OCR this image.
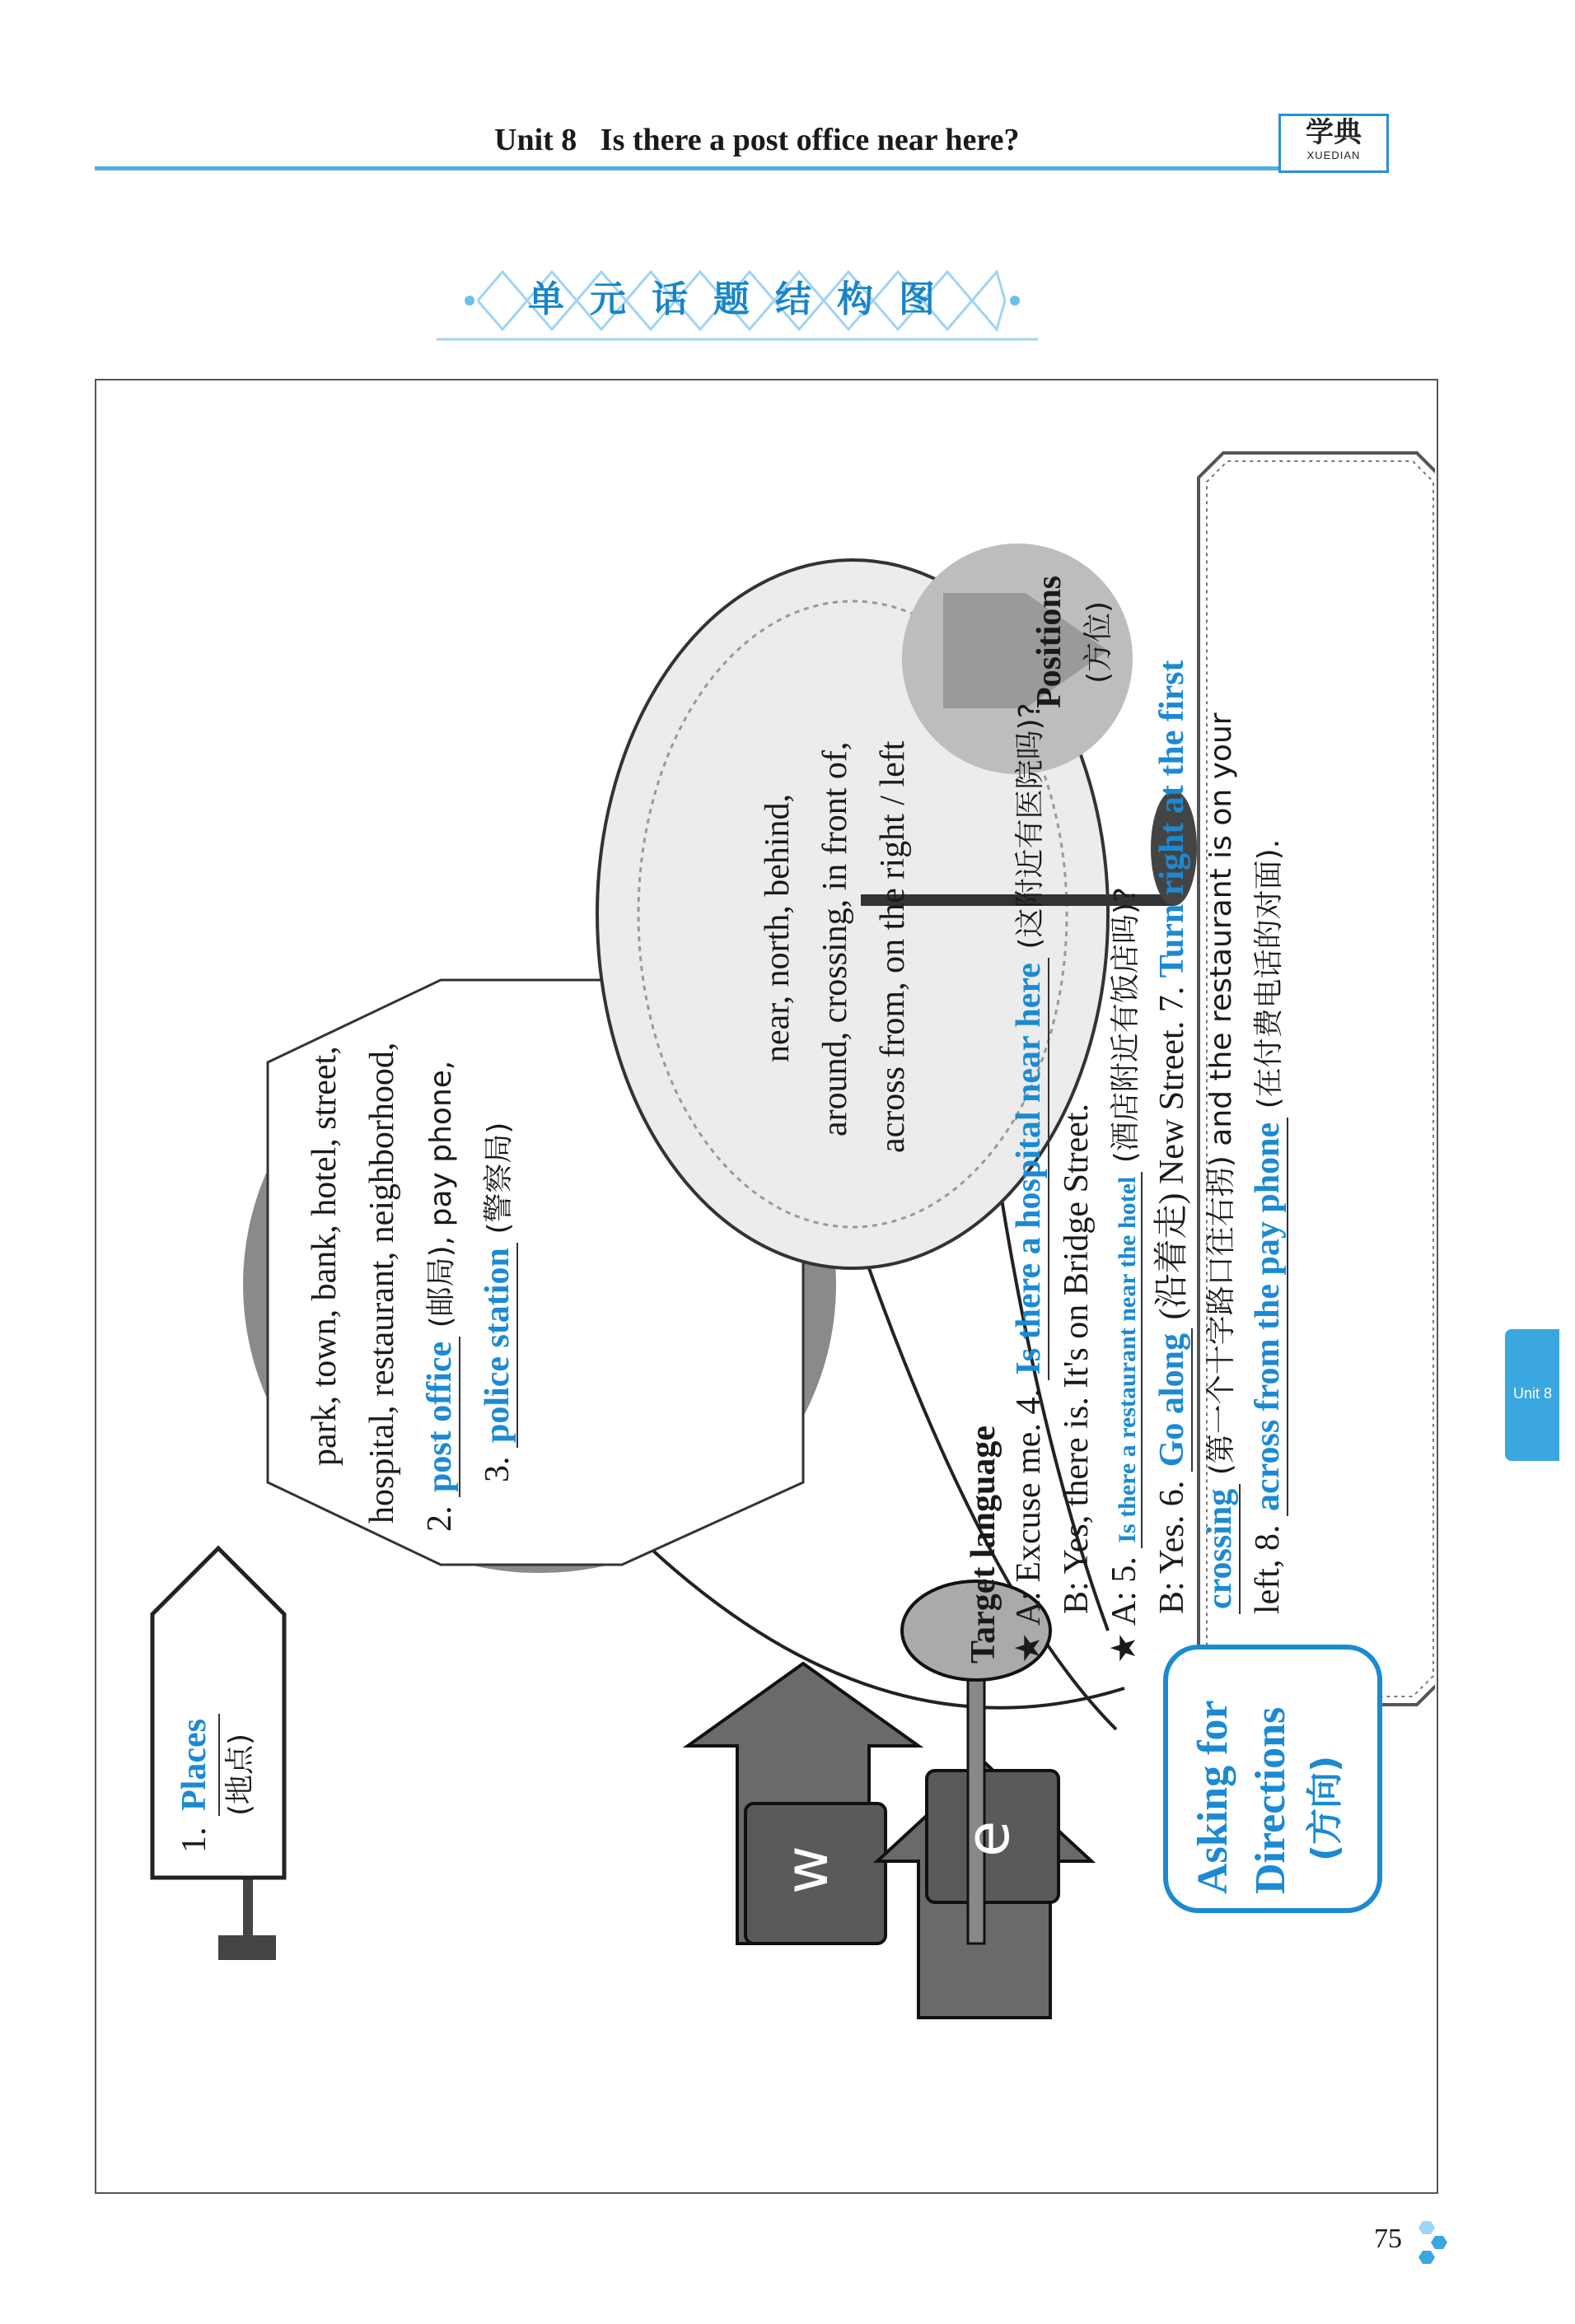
Unit 8   Is there a post office near here?	学典
XUEDIAN
单 元 话 题 结 构 图
1.
Places (地点)
park, town, bank, hotel, street, hospital, restaurant, neighborhood, 2. post office (邮局), pay phone,
3. police station (警察局)
Positions (方位)
near, north, behind, around, crossing, in front of, across from, on the right / left
Target language ★ A: Excuse me. 4. Is there a hospital near here (这附近有医院吗)?
B: Yes, there is. It's on Bridge Street.
★ A: 5. Is there a restaurant near the hotel (酒店附近有饭店吗)?
B: Yes. 6. Go along (沿着走) New Street. 7. Turn right at the first
crossing (第一个十字路口往右拐) and the restaurant is on your
left, 8. across from the pay phone (在付费电话的对面).
w
e	Asking for Directions (方向)
Unit 8
75
